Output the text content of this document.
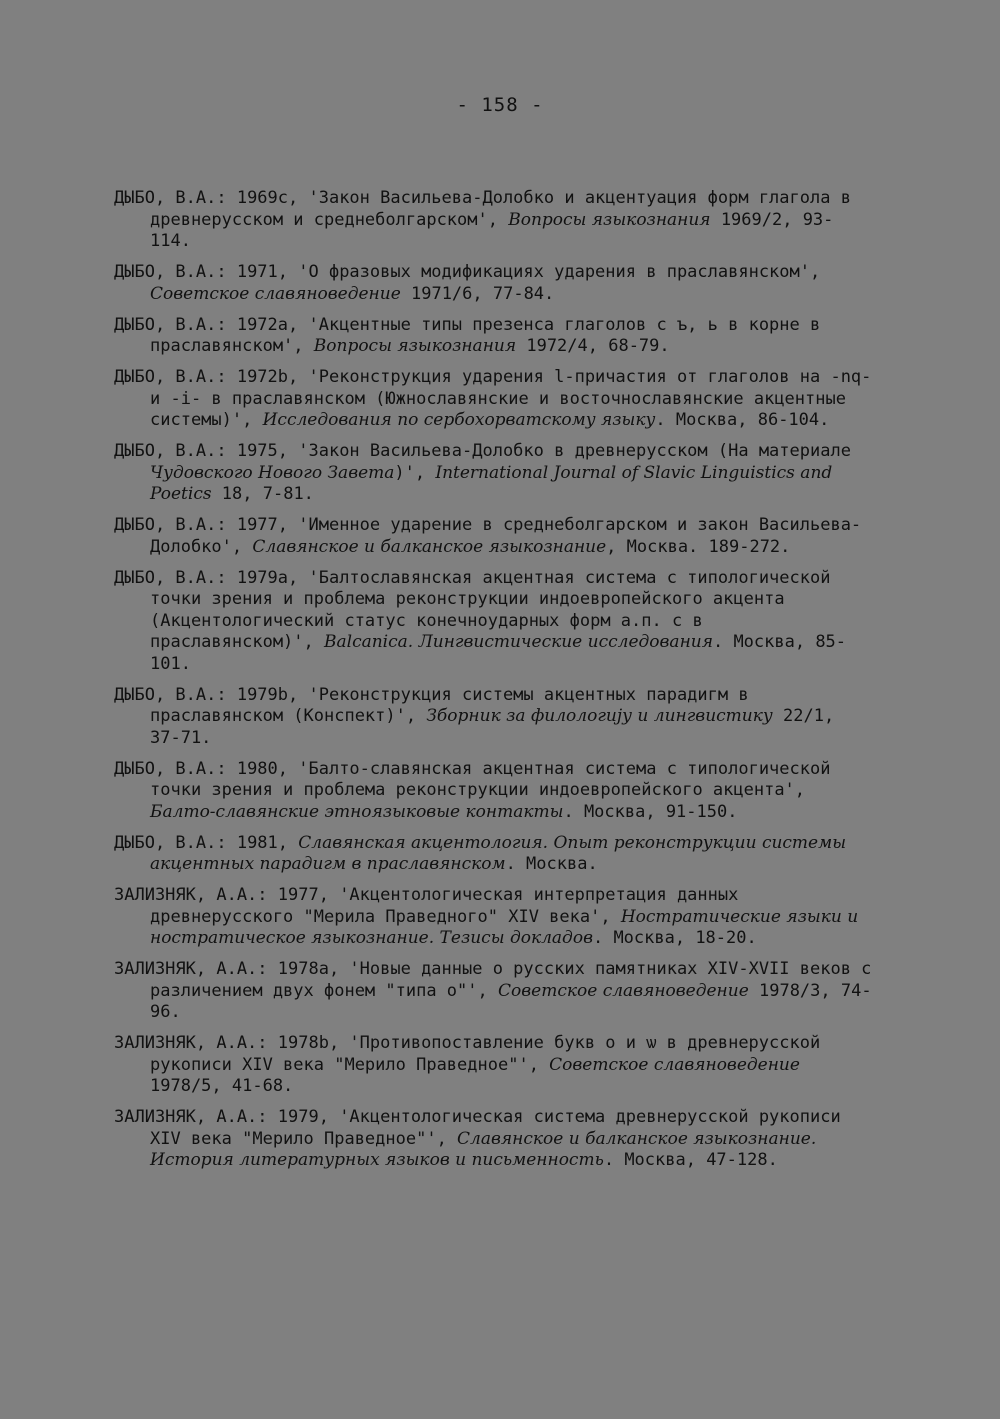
- 158 -

ДЫБО, В.А.: 1969с, 'Закон Васильева-Долобко и акцентуация форм глагола в древнерусском и среднеболгарском', Вопросы языкознания 1969/2, 93-114.

ДЫБО, В.А.: 1971, 'О фразовых модификациях ударения в праславянском', Советское славяноведение 1971/6, 77-84.

ДЫБО, В.А.: 1972а, 'Акцентные типы презенса глаголов с ъ, ь в корне в праславянском', Вопросы языкознания 1972/4, 68-79.

ДЫБО, В.А.: 1972b, 'Реконструкция ударения l-причастия от глаголов на -nq- и -i- в праславянском (Южнославянские и восточнославянские акцентные системы)', Исследования по сербохорватскому языку. Москва, 86-104.

ДЫБО, В.А.: 1975, 'Закон Васильева-Долобко в древнерусском (На материале Чудовского Нового Завета)', International Journal of Slavic Linguistics and Poetics 18, 7-81.

ДЫБО, В.А.: 1977, 'Именное ударение в среднеболгарском и закон Васильева-Долобко', Славянское и балканское языкознание, Москва. 189-272.

ДЫБО, В.А.: 1979а, 'Балтославянская акцентная система с типологической точки зрения и проблема реконструкции индоевропейского акцента (Акцентологический статус конечноударных форм а.п. с в праславянском)', Balcanica. Лингвистические исследования. Москва, 85-101.

ДЫБО, В.А.: 1979b, 'Реконструкция системы акцентных парадигм в праславянском (Конспект)', Зборник за филологиjу и лингвистику 22/1, 37-71.

ДЫБО, В.А.: 1980, 'Балто-славянская акцентная система с типологической точки зрения и проблема реконструкции индоевропейского акцента', Балто-славянские этноязыковые контакты. Москва, 91-150.

ДЫБО, В.А.: 1981, Славянская акцентология. Опыт реконструкции системы акцентных парадигм в праславянском. Москва.

ЗАЛИЗНЯК, А.А.: 1977, 'Акцентологическая интерпретация данных древнерусского "Мерила Праведного" XIV века', Ностратические языки и ностратическое языкознание. Тезисы докладов. Москва, 18-20.

ЗАЛИЗНЯК, А.А.: 1978а, 'Новые данные о русских памятниках XIV-XVII веков с различением двух фонем "типа о"', Советское славяноведение 1978/3, 74-96.

ЗАЛИЗНЯК, А.А.: 1978b, 'Противопоставление букв о и ѡ в древнерусской рукописи XIV века "Мерило Праведное"', Советское славяноведение 1978/5, 41-68.

ЗАЛИЗНЯК, А.А.: 1979, 'Акцентологическая система древнерусской рукописи XIV века "Мерило Праведное"', Славянское и балканское языкознание. История литературных языков и письменность. Москва, 47-128.
